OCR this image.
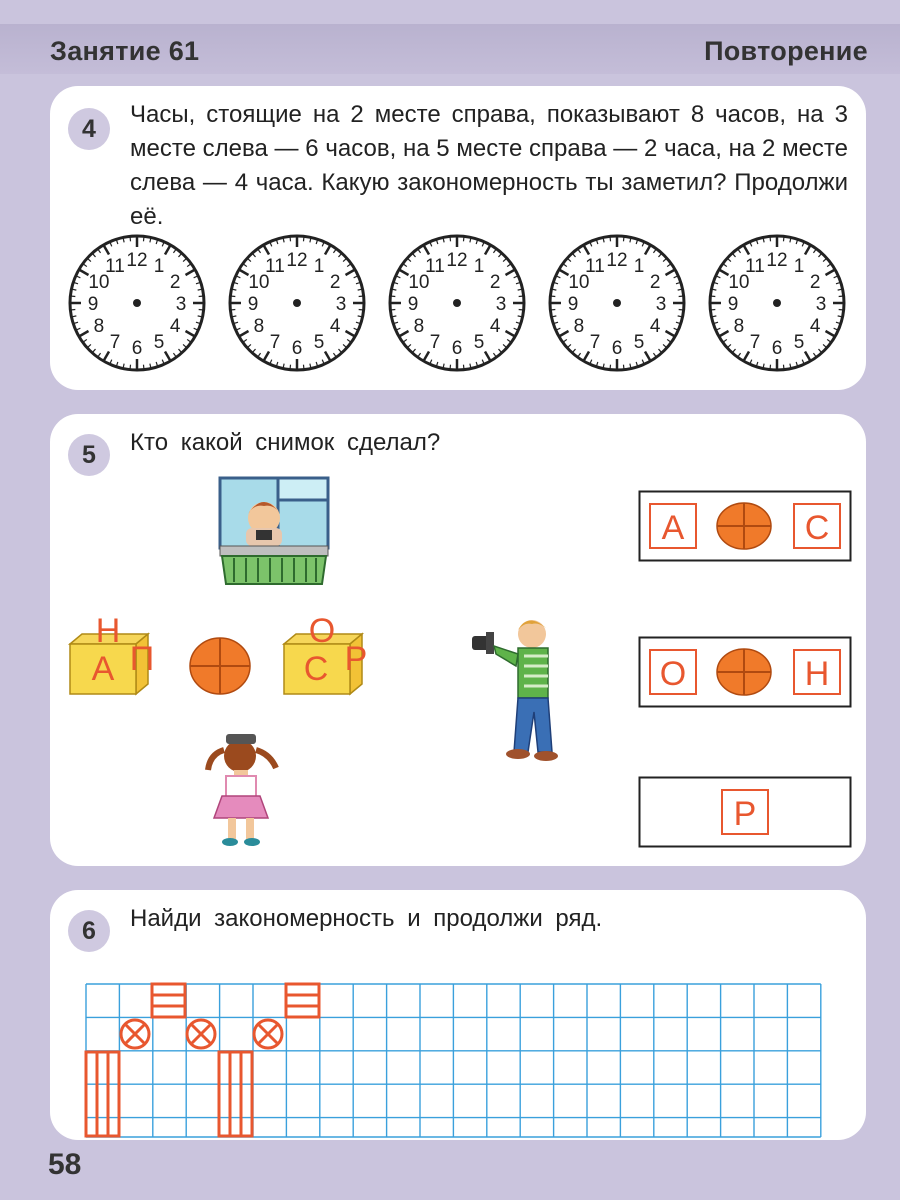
Занятие 61	Повторение
4	Часы, стоящие на 2 месте справа, показывают 8 часов, на 3 месте слева — 6 часов, на 5 месте справа — 2 часа, на 2 месте слева — 4 часа. Какую закономерность ты заметил? Продолжи её.
12 1
2
3
4
5
6
7
8
9
10
11	12 1
2
3
4
5
6
7
8
9
10
11	12 1
2
3
4
5
6
7
8
9
10
11	12 1
2
3
4
5
6
7
8
9
10
11	12 1
2
3
4
5
6
7
8
9
10
11
5	Кто какой снимок сделал?
А П
Н
С Р
О
А	С
О	Н
Р
6	Найди закономерность и продолжи ряд.
58
